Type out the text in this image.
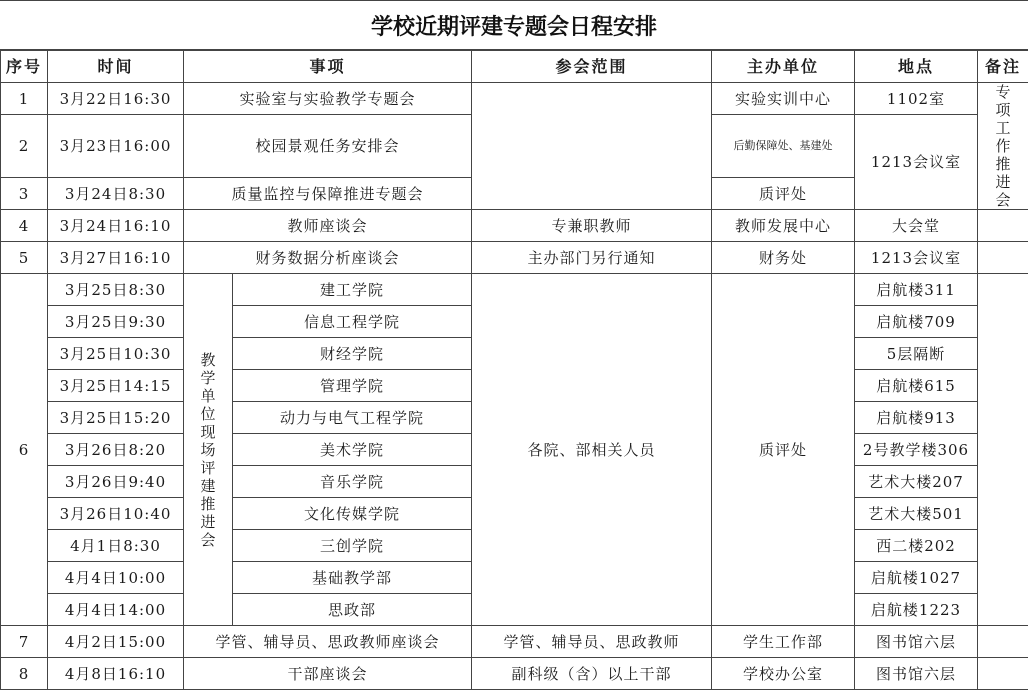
学校近期评建专题会日程安排
序号	时间	事项		参会范围	主办单位	地点	备注
1	3月22日16:30	实验室与实验教学专题会			实验实训中心	1102室	专项工作推进会

2	3月23日16:00	校园景观任务安排会			后勤保障处、基建处	1213会议室	
3	3月24日8:30	质量监控与保障推进专题会			质评处		
4	3月24日16:10	教师座谈会		专兼职教师	教师发展中心	大会堂	
5	3月27日16:10	财务数据分析座谈会		主办部门另行通知	财务处	1213会议室	
6	3月25日8:30	教学单位现场评建推进会	建工学院	各院、部相关人员	质评处	启航楼311	
	3月25日9:30		信息工程学院			启航楼709	
	3月25日10:30		财经学院			5层隔断	
	3月25日14:15		管理学院			启航楼615	
	3月25日15:20		动力与电气工程学院			启航楼913	
	3月26日8:20		美术学院			2号教学楼306	
	3月26日9:40		音乐学院			艺术大楼207	
	3月26日10:40		文化传媒学院			艺术大楼501	
	4月1日8:30		三创学院			西二楼202	
	4月4日10:00		基础教学部			启航楼1027	
	4月4日14:00		思政部			启航楼1223	
7	4月2日15:00	学管、辅导员、思政教师座谈会		学管、辅导员、思政教师	学生工作部	图书馆六层	
8	4月8日16:10	干部座谈会		副科级（含）以上干部	学校办公室	图书馆六层	
